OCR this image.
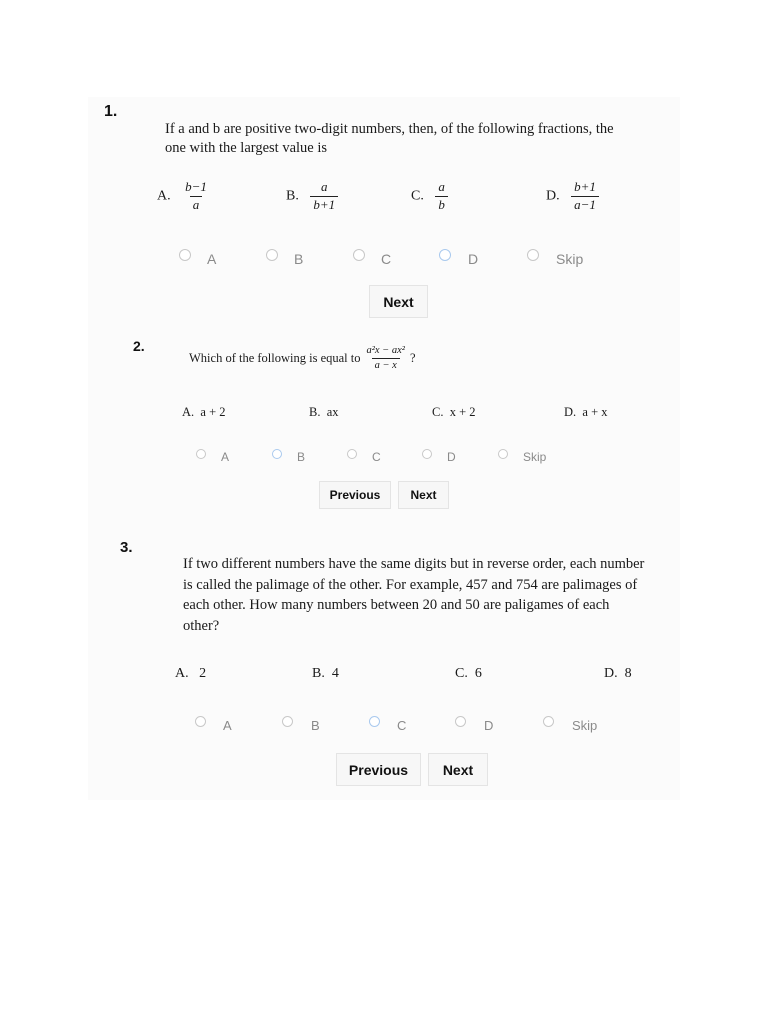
1.
If a and b are positive two-digit numbers, then, of the following fractions, the
one with the largest value is
A. $\frac{b-1}{a}$	B. $\frac{a}{b+1}$	C. $\frac{a}{b}$	D. $\frac{b+1}{a-1}$
A	B	C	D	Skip
Next
2.
Which of the following is equal to $\frac{\text{a²x − ax²}}{a - x}$ ?
A. a + 2	B. ax	C. x + 2	D. a + x
A	B	C	D	Skip
Previous	Next
3.
If two different numbers have the same digits but in reverse order, each number
is called the palimage of the other. For example, 457 and 754 are palimages of
each other. How many numbers between 20 and 50 are paligames of each
other?
A. 2	B. 4	C. 6	D. 8
A	B	C	D	Skip
Previous	Next
